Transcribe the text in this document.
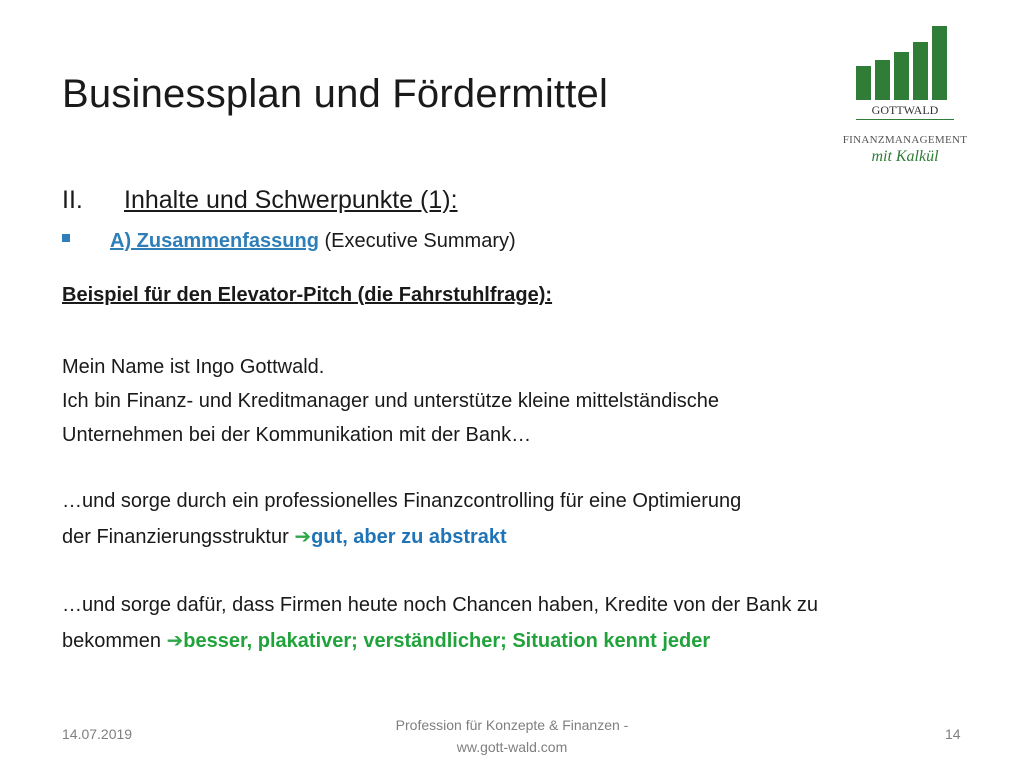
Businessplan und Fördermittel	GOTTWALD
FINANZMANAGEMENT
mit Kalkül
II. Inhalte und Schwerpunkte (1):
A) Zusammenfassung (Executive Summary)
Beispiel für den Elevator-Pitch (die Fahrstuhlfrage):
Mein Name ist Ingo Gottwald.
Ich bin Finanz- und Kreditmanager und unterstütze kleine mittelständische
Unternehmen bei der Kommunikation mit der Bank…
…und sorge durch ein professionelles Finanzcontrolling für eine Optimierung
der Finanzierungsstruktur ➔gut, aber zu abstrakt
…und sorge dafür, dass Firmen heute noch Chancen haben, Kredite von der Bank zu
bekommen ➔besser, plakativer; verständlicher; Situation kennt jeder
14.07.2019
Profession für Konzepte & Finanzen -
ww.gott-wald.com
14
